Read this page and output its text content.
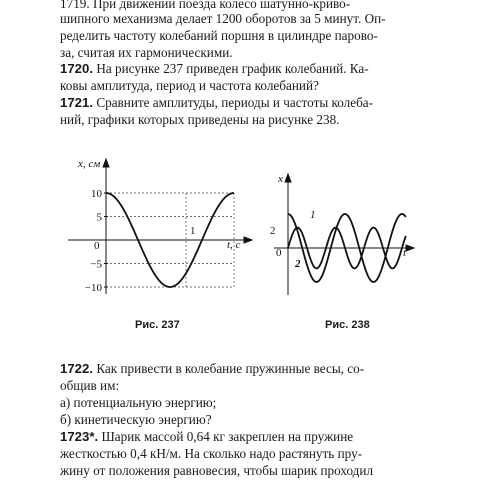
1719. При движении поезда колесо шатунно-криво-
шипного механизма делает 1200 оборотов за 5 минут. Оп-
ределить частоту колебаний поршня в цилиндре парово-
за, считая их гармоническими.
1720. На рисунке 237 приведен график колебаний. Ка-
ковы амплитуда, период и частота колебаний?
1721. Сравните амплитуды, периоды и частоты колеба-
ний, графики которых приведены на рисунке 238.
10
5
−5
−10
1	2
x, см
t, с
0
Рис. 237
x
t
0
1
2
Рис. 238
1722. Как привести в колебание пружинные весы, со-
общив им:
а) потенциальную энергию;
б) кинетическую энергию?
1723*. Шарик массой 0,64 кг закреплен на пружине
жесткостью 0,4 кН/м. На сколько надо растянуть пру-
жину от положения равновесия, чтобы шарик проходил
